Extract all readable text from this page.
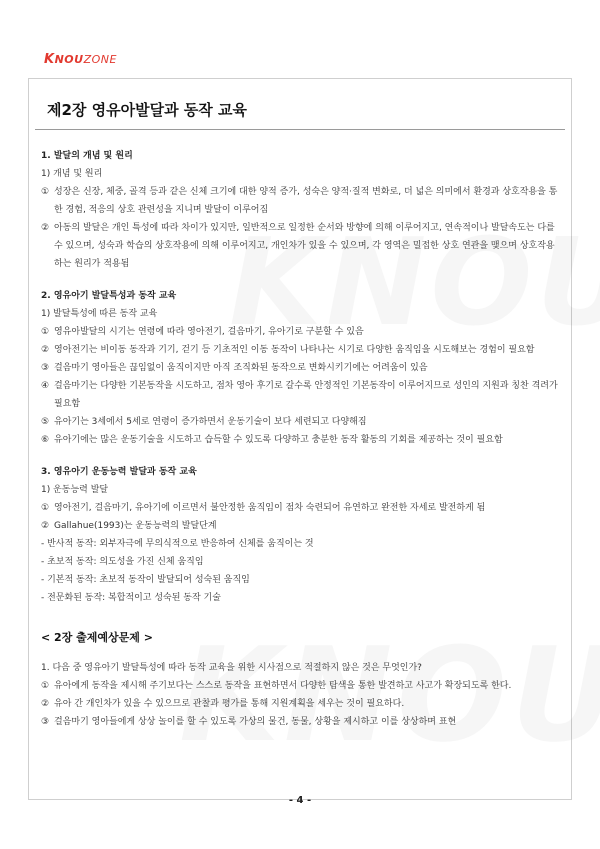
KNOUZONE
제2장 영유아발달과 동작 교육
1. 발달의 개념 및 원리
1) 개념 및 원리
① 성장은 신장, 체중, 골격 등과 같은 신체 크기에 대한 양적 증가, 성숙은 양적·질적 변화로, 더 넓은 의미에서 환경과 상호작용을 통한 경험, 적응의 상호 관련성을 지니며 발달이 이루어짐
② 아동의 발달은 개인 특성에 따라 차이가 있지만, 일반적으로 일정한 순서와 방향에 의해 이루어지고, 연속적이나 발달속도는 다를 수 있으며, 성숙과 학습의 상호작용에 의해 이루어지고, 개인차가 있을 수 있으며, 각 영역은 밀접한 상호 연관을 맺으며 상호작용하는 원리가 적용됨
2. 영유아기 발달특성과 동작 교육
1) 발달특성에 따른 동작 교육
① 영유아발달의 시기는 연령에 따라 영아전기, 걸음마기, 유아기로 구분할 수 있음
② 영아전기는 비이동 동작과 기기, 걷기 등 기초적인 이동 동작이 나타나는 시기로 다양한 움직임을 시도해보는 경험이 필요함
③ 걸음마기 영아들은 끊임없이 움직이지만 아직 조직화된 동작으로 변화시키기에는 어려움이 있음
④ 걸음마기는 다양한 기본동작을 시도하고, 점차 영아 후기로 갈수록 안정적인 기본동작이 이루어지므로 성인의 지원과 칭찬 격려가 필요함
⑤ 유아기는 3세에서 5세로 연령이 증가하면서 운동기술이 보다 세련되고 다양해짐
⑥ 유아기에는 많은 운동기술을 시도하고 습득할 수 있도록 다양하고 충분한 동작 활동의 기회를 제공하는 것이 필요함
3. 영유아기 운동능력 발달과 동작 교육
1) 운동능력 발달
① 영아전기, 걸음마기, 유아기에 이르면서 불안정한 움직임이 점차 숙련되어 유연하고 완전한 자세로 발전하게 됨
② Gallahue(1993)는 운동능력의 발달단계
- 반사적 동작: 외부자극에 무의식적으로 반응하여 신체를 움직이는 것
- 초보적 동작: 의도성을 가진 신체 움직임
- 기본적 동작: 초보적 동작이 발달되어 성숙된 움직임
- 전문화된 동작: 복합적이고 성숙된 동작 기술
< 2장 출제예상문제 >
1. 다음 중 영유아기 발달특성에 따라 동작 교육을 위한 시사점으로 적절하지 않은 것은 무엇인가?
① 유아에게 동작을 제시해 주기보다는 스스로 동작을 표현하면서 다양한 탐색을 통한 발견하고 사고가 확장되도록 한다.
② 유아 간 개인차가 있을 수 있으므로 관찰과 평가를 통해 지원계획을 세우는 것이 필요하다.
③ 걸음마기 영아들에게 상상 놀이를 할 수 있도록 가상의 물건, 동물, 상황을 제시하고 이를 상상하며 표현
- 4 -
